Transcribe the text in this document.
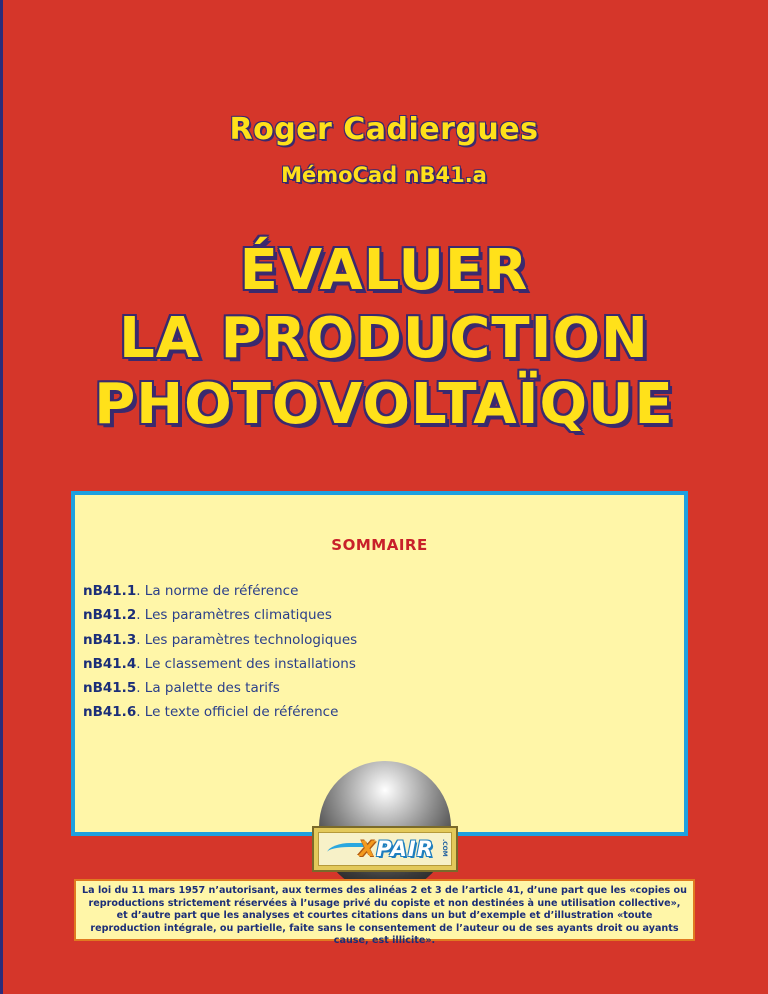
Roger Cadiergues
MémoCad nB41.a
ÉVALUER
LA PRODUCTION
PHOTOVOLTAÏQUE
SOMMAIRE
nB41.1. La norme de référence
nB41.2. Les paramètres climatiques
nB41.3. Les paramètres technologiques
nB41.4. Le classement des installations
nB41.5. La palette des tarifs
nB41.6. Le texte officiel de référence
XPAIR .COM
La loi du 11 mars 1957 n’autorisant, aux termes des alinéas 2 et 3 de l’article 41, d’une part que les «copies ou reproductions strictement réservées à l’usage privé du copiste et non destinées à une utilisation collective», et d’autre part que les analyses et courtes citations dans un but d’exemple et d’illustration «toute reproduction intégrale, ou partielle, faite sans le consentement de l’auteur ou de ses ayants droit ou ayants cause, est illicite».
